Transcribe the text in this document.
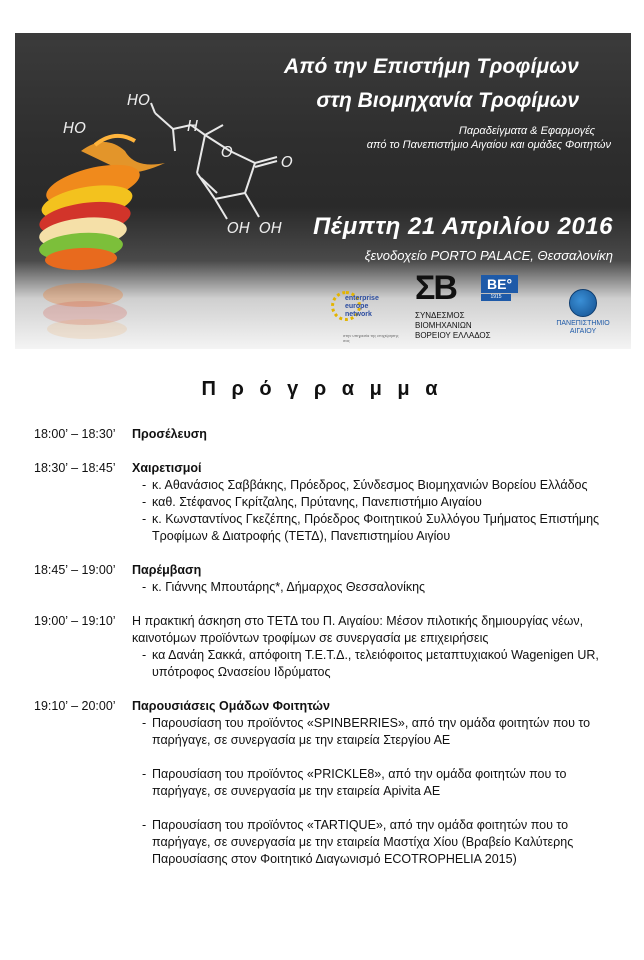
HO
HO	H
O
O
OH OH
Από την Επιστήμη Τροφίμων
στη Βιομηχανία Τροφίμων
Παραδείγματα & Εφαρμογές
από το Πανεπιστήμιο Αιγαίου και ομάδες Φοιτητών
Πέμπτη 21 Απριλίου 2016
ξενοδοχείο PORTO PALACE, Θεσσαλονίκη
enterprise
europe
network
στην υπηρεσία της επιχείρησης σας
ΣΒ	ΒΕ°
1915
ΣΥΝΔΕΣΜΟΣ
ΒΙΟΜΗΧΑΝΙΩΝ
ΒΟΡΕΙΟΥ ΕΛΛΑΔΟΣ
ΠΑΝΕΠΙΣΤΗΜΙΟ
ΑΙΓΑΙΟΥ
Π ρ ό γ ρ α μ μ α
18:00’ – 18:30’	Προσέλευση
18:30’ – 18:45’	Χαιρετισμοί
- κ. Αθανάσιος Σαββάκης, Πρόεδρος, Σύνδεσμος Βιομηχανιών Βορείου Ελλάδος
- καθ. Στέφανος Γκρίτζαλης, Πρύτανης, Πανεπιστήμιο Αιγαίου
- κ. Κωνσταντίνος Γκεζέπης, Πρόεδρος Φοιτητικού Συλλόγου Τμήματος Επιστήμης Τροφίμων & Διατροφής (ΤΕΤΔ), Πανεπιστημίου Αιγίου
18:45’ – 19:00’	Παρέμβαση
- κ. Γιάννης Μπουτάρης*, Δήμαρχος Θεσσαλονίκης
19:00’ – 19:10’	Η πρακτική άσκηση στο ΤΕΤΔ του Π. Αιγαίου: Μέσον πιλοτικής δημιουργίας νέων, καινοτόμων προϊόντων τροφίμων σε συνεργασία με επιχειρήσεις
- κα Δανάη Σακκά, απόφοιτη Τ.Ε.Τ.Δ., τελειόφοιτος μεταπτυχιακού Wagenigen UR, υπότροφος Ωνασείου Ιδρύματος
19:10’ – 20:00’	Παρουσιάσεις Ομάδων Φοιτητών
- Παρουσίαση του προϊόντος «SPINBERRIES», από την ομάδα φοιτητών που το παρήγαγε, σε συνεργασία με την εταιρεία Στεργίου ΑΕ
- Παρουσίαση του προϊόντος «PRICKLE8», από την ομάδα φοιτητών που το παρήγαγε, σε συνεργασία με την εταιρεία Apivita AE
- Παρουσίαση του προϊόντος «TARTIQUE», από την ομάδα φοιτητών που το παρήγαγε, σε συνεργασία με την εταιρεία Μαστίχα Χίου (Βραβείο Καλύτερης Παρουσίασης στον Φοιτητικό Διαγωνισμό ECOTROPHELIA 2015)
